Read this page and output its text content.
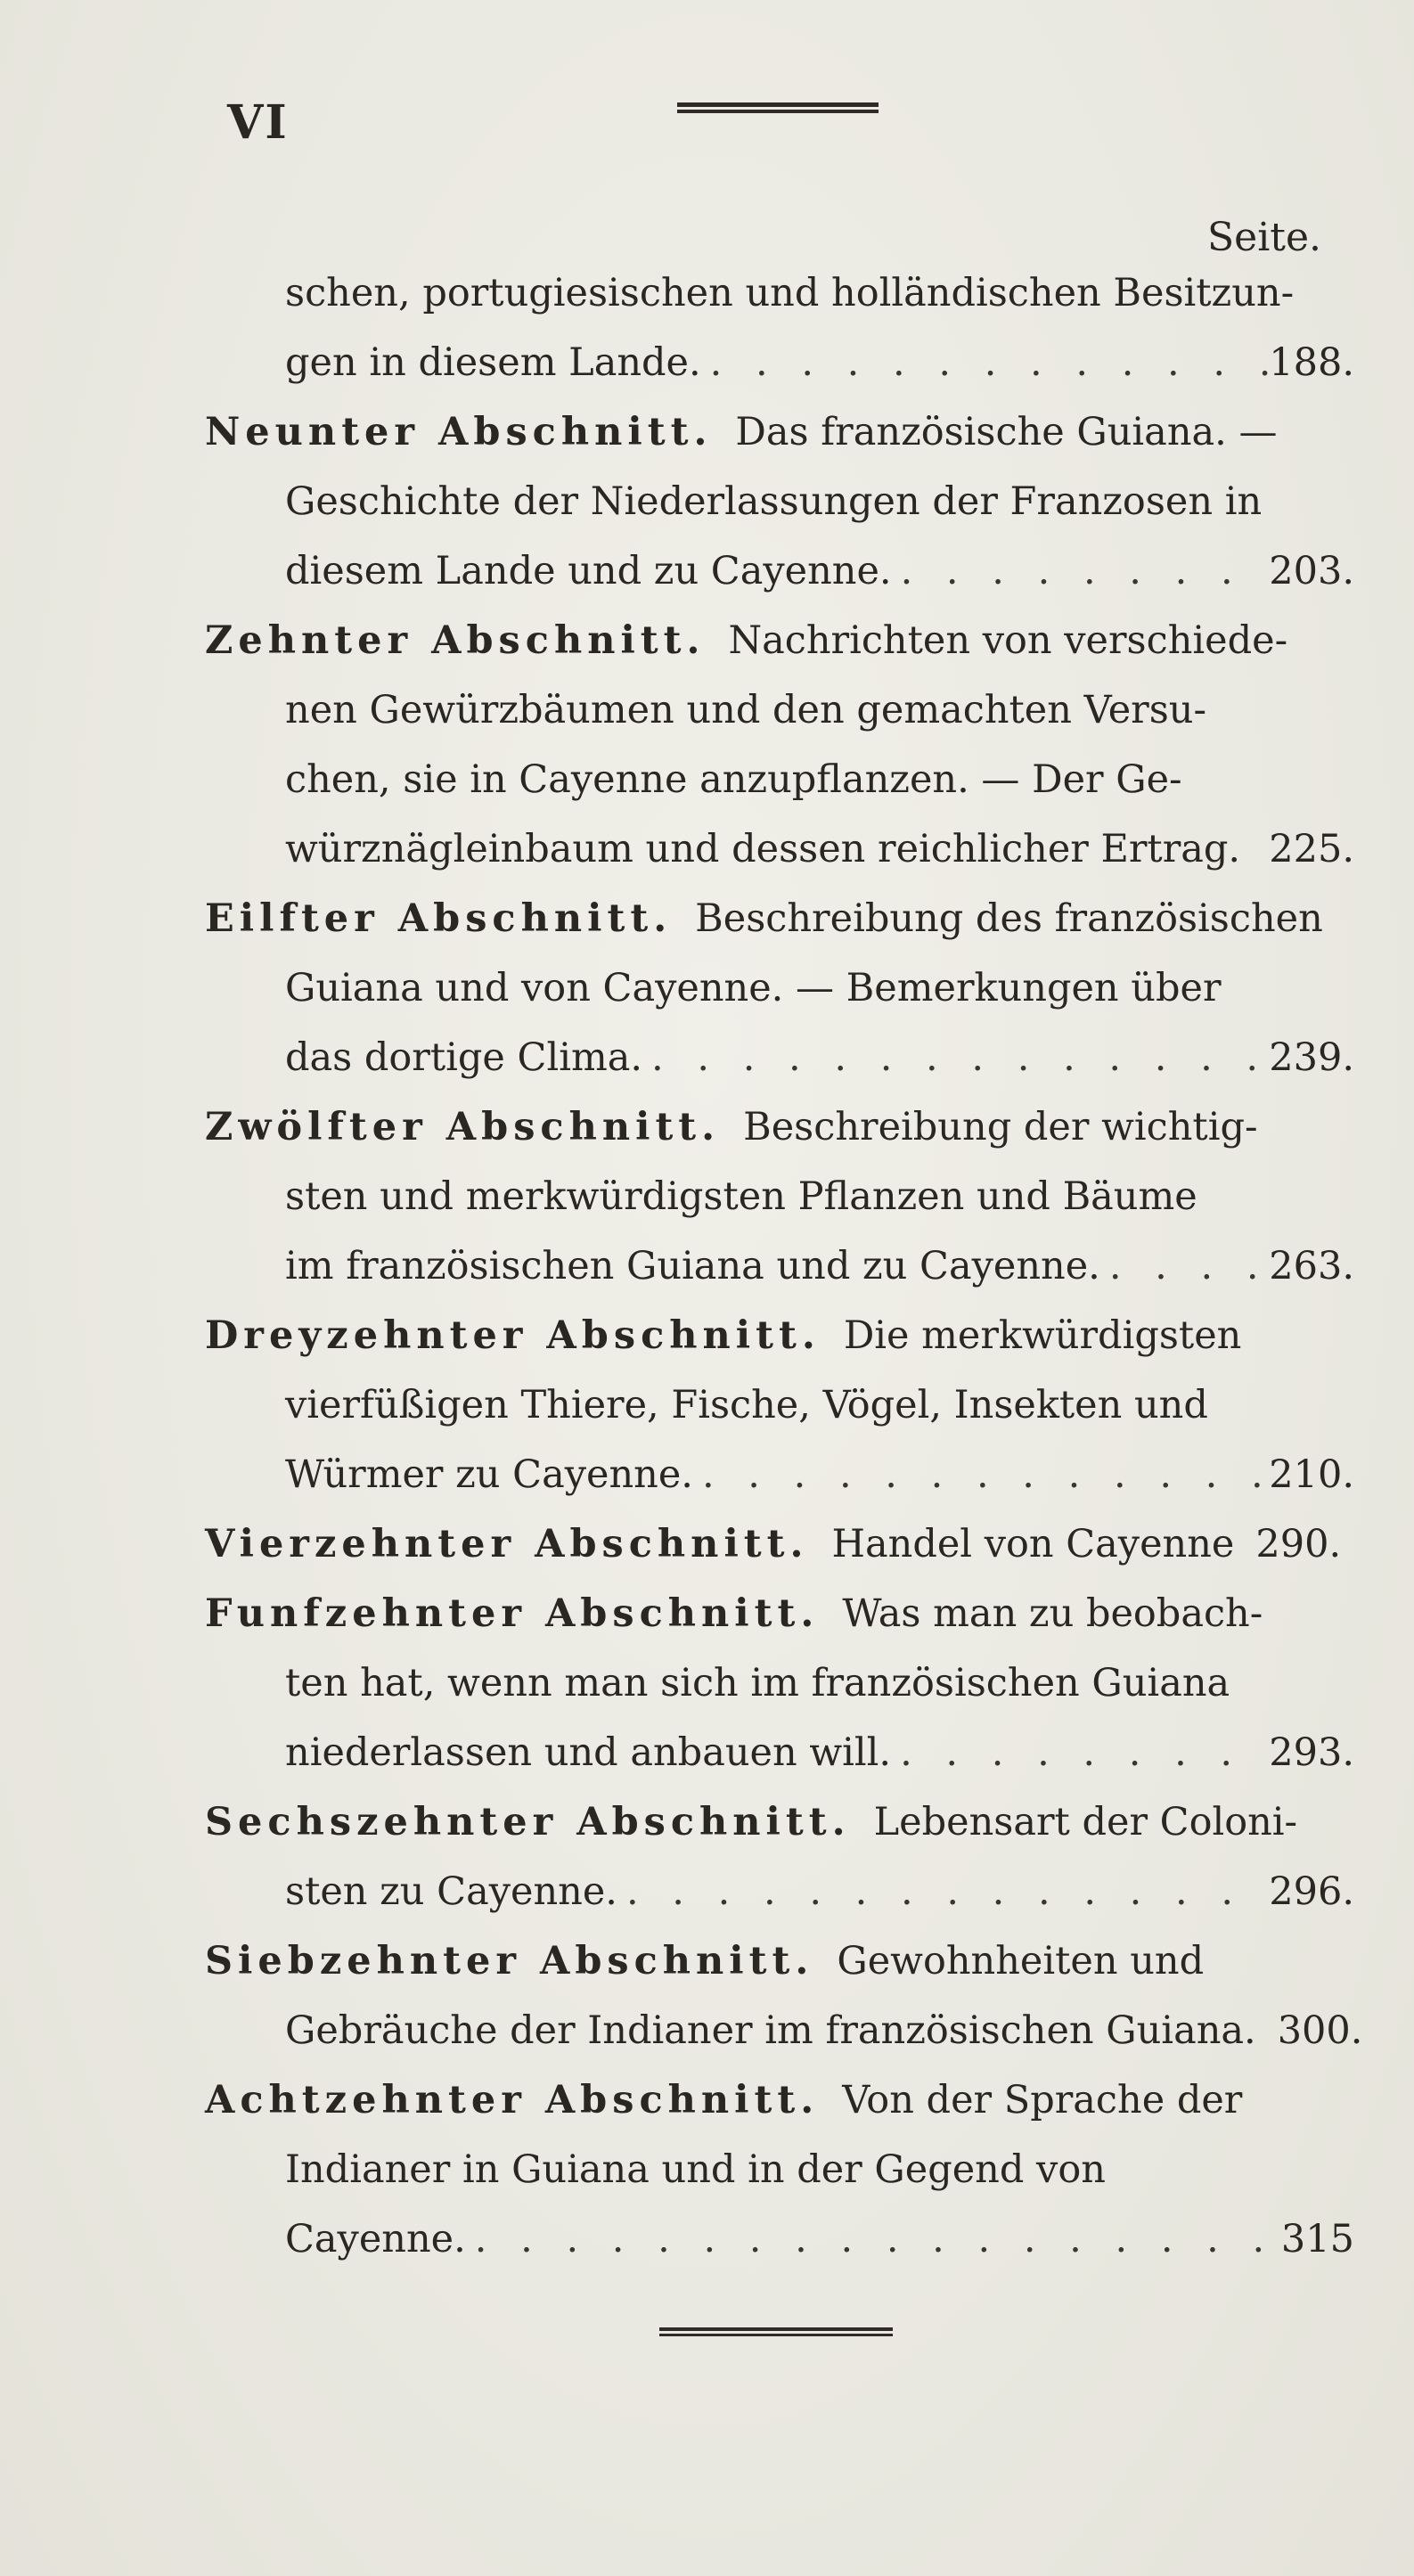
VI
Seite.
schen, portugiesischen und holländischen Besitzun-
gen in diesem Lande. . . .	188.
Neunter Abschnitt. Das französische Guiana. —
Geschichte der Niederlassungen der Franzosen in
diesem Lande und zu Cayenne. . . .	203.
Zehnter Abschnitt. Nachrichten von verschiede-
nen Gewürzbäumen und den gemachten Versu-
chen, sie in Cayenne anzupflanzen. — Der Ge-
würznägleinbaum und dessen reichlicher Ertrag. 225.
Eilfter Abschnitt. Beschreibung des französischen
Guiana und von Cayenne. — Bemerkungen über
das dortige Clima. . . .	239.
Zwölfter Abschnitt. Beschreibung der wichtig-
sten und merkwürdigsten Pflanzen und Bäume
im französischen Guiana und zu Cayenne. . . .	263.
Dreyzehnter Abschnitt. Die merkwürdigsten
vierfüßigen Thiere, Fische, Vögel, Insekten und
Würmer zu Cayenne. . . .	210.
Vierzehnter Abschnitt. Handel von Cayenne 290.
Funfzehnter Abschnitt. Was man zu beobach-
ten hat, wenn man sich im französischen Guiana
niederlassen und anbauen will. . . .	293.
Sechszehnter Abschnitt. Lebensart der Coloni-
sten zu Cayenne. . . .	296.
Siebzehnter Abschnitt. Gewohnheiten und
Gebräuche der Indianer im französischen Guiana. 300.
Achtzehnter Abschnitt. Von der Sprache der
Indianer in Guiana und in der Gegend von
Cayenne. . . .	315
